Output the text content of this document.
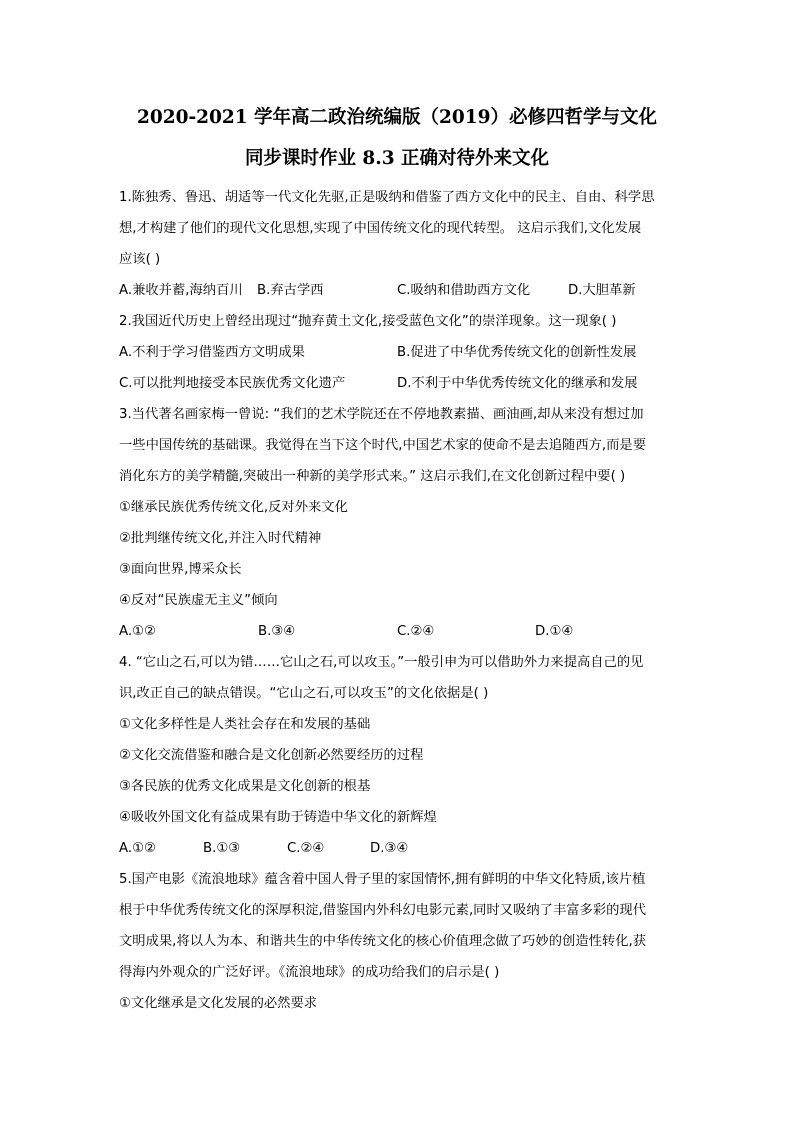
2020-2021 学年高二政治统编版（2019）必修四哲学与文化
同步课时作业 8.3 正确对待外来文化
1.陈独秀、鲁迅、胡适等一代文化先驱,正是吸纳和借鉴了西方文化中的民主、自由、科学思
想,才构建了他们的现代文化思想,实现了中国传统文化的现代转型。 这启示我们,文化发展
应该( )
A.兼收并蓄,海纳百川 B.弃古学西	C.吸纳和借助西方文化	D.大胆革新
2.我国近代历史上曾经出现过“抛弃黄土文化,接受蓝色文化”的崇洋现象。这一现象( )
A.不利于学习借鉴西方文明成果	B.促进了中华优秀传统文化的创新性发展
C.可以批判地接受本民族优秀文化遗产	D.不利于中华优秀传统文化的继承和发展
3.当代著名画家梅一曾说: “我们的艺术学院还在不停地教素描、画油画,却从来没有想过加
一些中国传统的基础课。我觉得在当下这个时代,中国艺术家的使命不是去追随西方,而是要
消化东方的美学精髓,突破出一种新的美学形式来。” 这启示我们,在文化创新过程中要( )
①继承民族优秀传统文化,反对外来文化
②批判继传统文化,并注入时代精神
③面向世界,博采众长
④反对“民族虚无主义”倾向
A.①②	B.③④	C.②④	D.①④
4. “它山之石,可以为错……它山之石,可以攻玉。”一般引申为可以借助外力来提高自己的见
识,改正自己的缺点错误。“它山之石,可以攻玉”的文化依据是( )
①文化多样性是人类社会存在和发展的基础
②文化交流借鉴和融合是文化创新必然要经历的过程
③各民族的优秀文化成果是文化创新的根基
④吸收外国文化有益成果有助于铸造中华文化的新辉煌
A.①②	B.①③	C.②④	D.③④
5.国产电影《流浪地球》蕴含着中国人骨子里的家国情怀,拥有鲜明的中华文化特质,该片植
根于中华优秀传统文化的深厚积淀,借鉴国内外科幻电影元素,同时又吸纳了丰富多彩的现代
文明成果,将以人为本、和谐共生的中华传统文化的核心价值理念做了巧妙的创造性转化,获
得海内外观众的广泛好评。《流浪地球》的成功给我们的启示是( )
①文化继承是文化发展的必然要求
